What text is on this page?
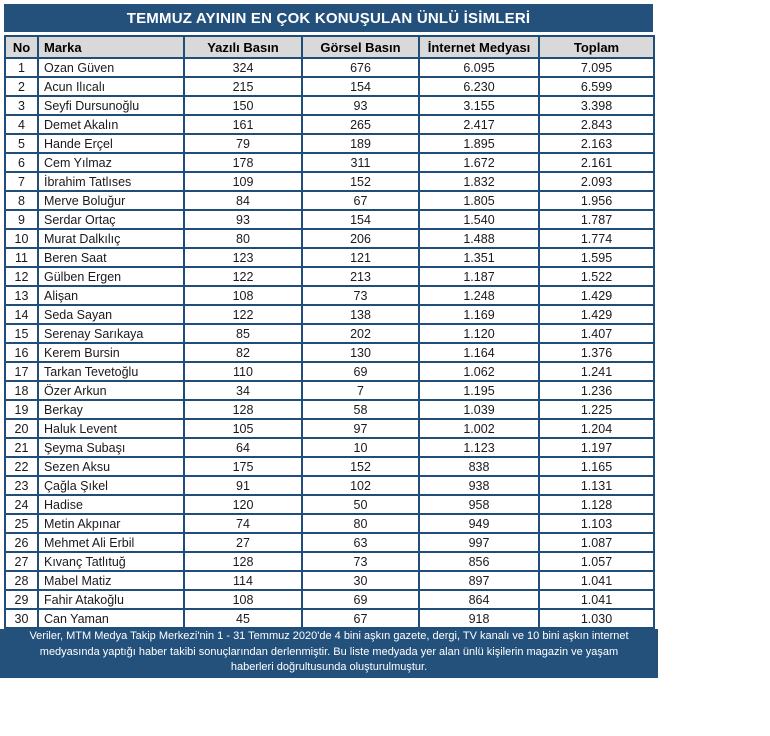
TEMMUZ AYININ EN ÇOK KONUŞULAN ÜNLÜ İSİMLERİ
No	Marka	Yazılı Basın	Görsel Basın	İnternet Medyası	Toplam
1	Ozan Güven	324	676	6.095	7.095
2	Acun Ilıcalı	215	154	6.230	6.599
3	Seyfi Dursunoğlu	150	93	3.155	3.398
4	Demet Akalın	161	265	2.417	2.843
5	Hande Erçel	79	189	1.895	2.163
6	Cem Yılmaz	178	311	1.672	2.161
7	İbrahim Tatlıses	109	152	1.832	2.093
8	Merve Boluğur	84	67	1.805	1.956
9	Serdar Ortaç	93	154	1.540	1.787
10	Murat Dalkılıç	80	206	1.488	1.774
11	Beren Saat	123	121	1.351	1.595
12	Gülben Ergen	122	213	1.187	1.522
13	Alişan	108	73	1.248	1.429
14	Seda Sayan	122	138	1.169	1.429
15	Serenay Sarıkaya	85	202	1.120	1.407
16	Kerem Bursin	82	130	1.164	1.376
17	Tarkan Tevetoğlu	110	69	1.062	1.241
18	Özer Arkun	34	7	1.195	1.236
19	Berkay	128	58	1.039	1.225
20	Haluk Levent	105	97	1.002	1.204
21	Şeyma Subaşı	64	10	1.123	1.197
22	Sezen Aksu	175	152	838	1.165
23	Çağla Şıkel	91	102	938	1.131
24	Hadise	120	50	958	1.128
25	Metin Akpınar	74	80	949	1.103
26	Mehmet Ali Erbil	27	63	997	1.087
27	Kıvanç Tatlıtuğ	128	73	856	1.057
28	Mabel Matiz	114	30	897	1.041
29	Fahir Atakoğlu	108	69	864	1.041
30	Can Yaman	45	67	918	1.030
Veriler, MTM Medya Takip Merkezi'nin 1 - 31 Temmuz 2020'de 4 bini aşkın gazete, dergi, TV kanalı ve 10 bini aşkın internet medyasında yaptığı haber takibi sonuçlarından derlenmiştir. Bu liste medyada yer alan ünlü kişilerin magazin ve yaşam haberleri doğrultusunda oluşturulmuştur.
